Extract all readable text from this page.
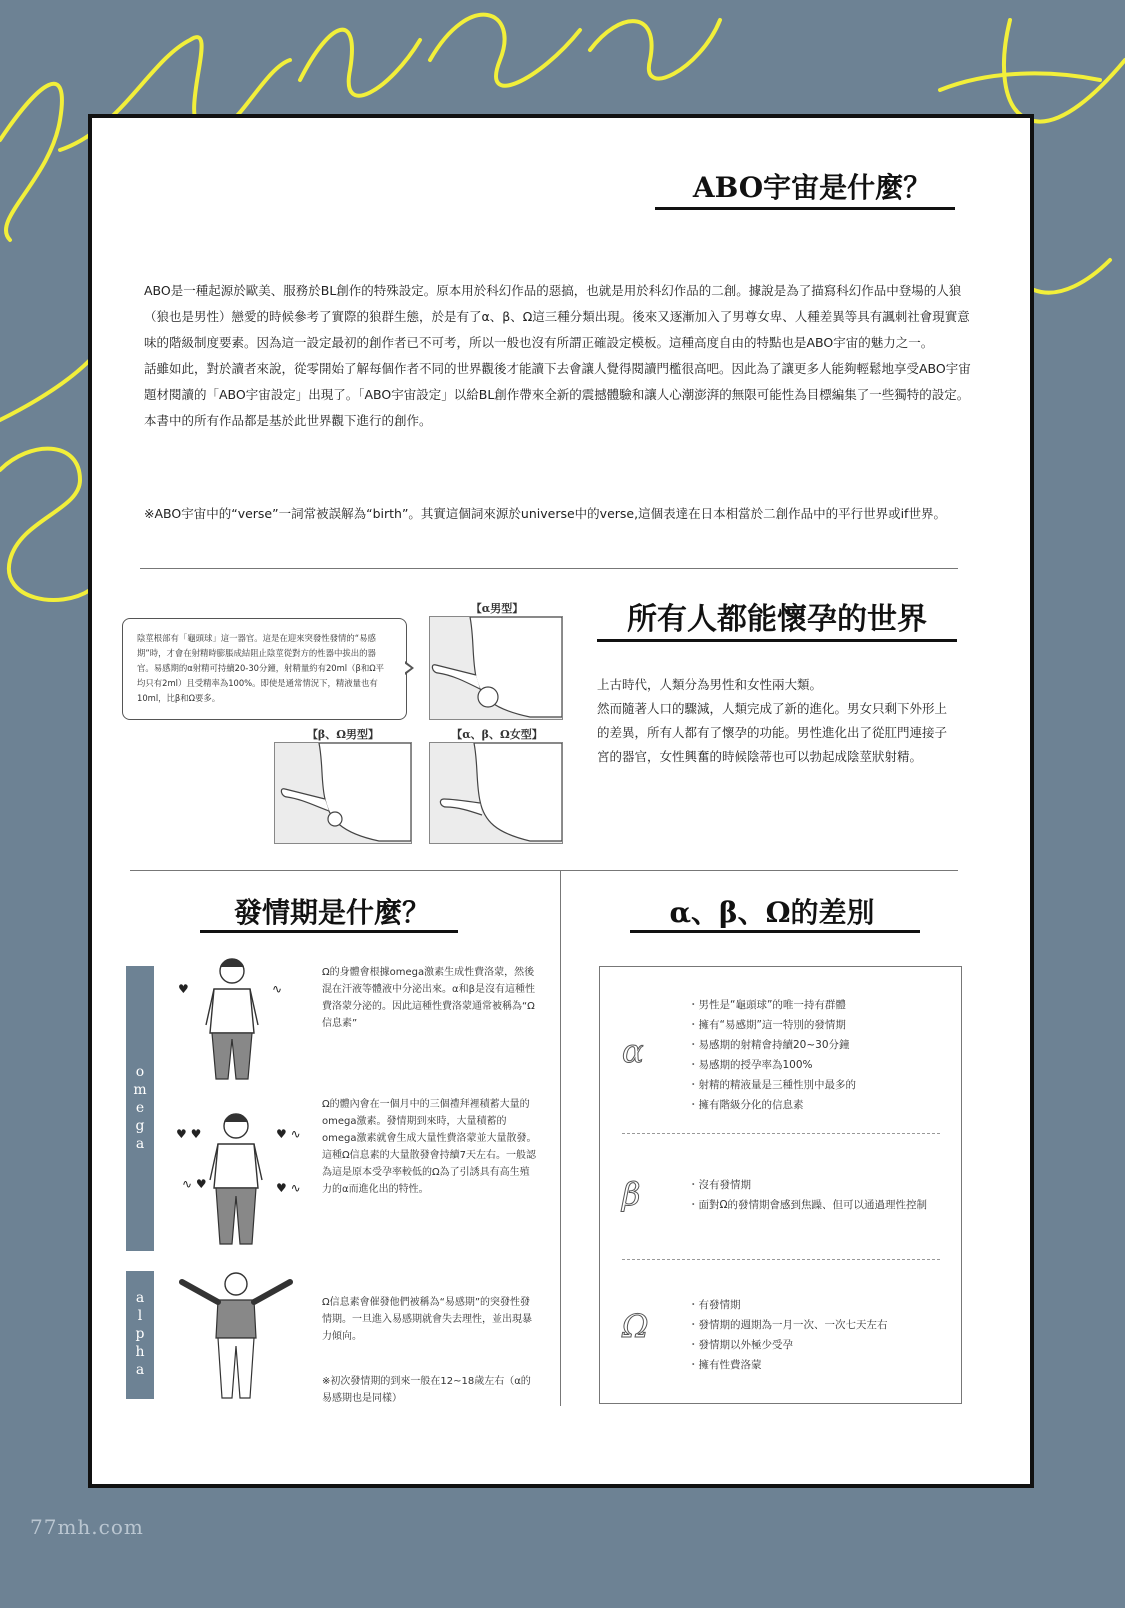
77mh.com
ABO宇宙是什麼？

ABO是一種起源於歐美、服務於BL創作的特殊設定。原本用於科幻作品的惡搞，也就是用於科幻作品的二創。據說是為了描寫科幻作品中登場的人狼（狼也是男性）戀愛的時候參考了實際的狼群生態，於是有了α、β、Ω這三種分類出現。後來又逐漸加入了男尊女卑、人種差異等具有諷刺社會現實意味的階級制度要素。因為這一設定最初的創作者已不可考，所以一般也沒有所謂正確設定模板。這種高度自由的特點也是ABO宇宙的魅力之一。

話雖如此，對於讀者來說，從零開始了解每個作者不同的世界觀後才能讀下去會讓人覺得閱讀門檻很高吧。因此為了讓更多人能夠輕鬆地享受ABO宇宙題材閱讀的「ABO宇宙設定」出現了。「ABO宇宙設定」以給BL創作帶來全新的震撼體驗和讓人心潮澎湃的無限可能性為目標編集了一些獨特的設定。本書中的所有作品都是基於此世界觀下進行的創作。

※ABO宇宙中的“verse”一詞常被誤解為“birth”。其實這個詞來源於universe中的verse,這個表達在日本相當於二創作品中的平行世界或if世界。

陰莖根部有「龜頭球」這一器官。這是在迎來突發性發情的“易感期”時，才會在射精時膨脹成結阻止陰莖從對方的性器中拔出的器官。易感期的α射精可持續20-30分鐘，射精量約有20ml（β和Ω平均只有2ml）且受精率為100%。即使是通常情況下，精液量也有10ml，比β和Ω要多。

【α男型】
【β、Ω男型】	【α、β、Ω女型】
所有人都能懷孕的世界

上古時代，人類分為男性和女性兩大類。

然而隨著人口的驟減，人類完成了新的進化。男女只剩下外形上的差異，所有人都有了懷孕的功能。男性進化出了從肛門連接子宮的器官，女性興奮的時候陰蒂也可以勃起成陰莖狀射精。

發情期是什麼？
omega
alpha
♥	∿
♥ ♥	♥ ∿
∿ ♥	♥ ∿
Ω的身體會根據omega激素生成性費洛蒙，然後混在汗液等體液中分泌出來。α和β是沒有這種性費洛蒙分泌的。因此這種性費洛蒙通常被稱為“Ω信息素”
Ω的體內會在一個月中的三個禮拜裡積蓄大量的omega激素。發情期到來時，大量積蓄的omega激素就會生成大量性費洛蒙並大量散發。這種Ω信息素的大量散發會持續7天左右。一般認為這是原本受孕率較低的Ω為了引誘具有高生殖力的α而進化出的特性。
Ω信息素會催發他們被稱為“易感期”的突發性發情期。一旦進入易感期就會失去理性，並出現暴力傾向。
※初次發情期的到來一般在12~18歲左右（α的易感期也是同樣）
α、β、Ω的差別
α
・ 男性是“龜頭球”的唯一持有群體
・ 擁有“易感期”這一特別的發情期
・ 易感期的射精會持續20~30分鐘
・ 易感期的授孕率為100%
・ 射精的精液量是三種性別中最多的
・ 擁有階級分化的信息素
β
・	沒有發情期
・ 面對Ω的發情期會感到焦躁、但可以通過理性控制
Ω
・ 有發情期
・ 發情期的週期為一月一次、一次七天左右
・ 發情期以外極少受孕
・ 擁有性費洛蒙
